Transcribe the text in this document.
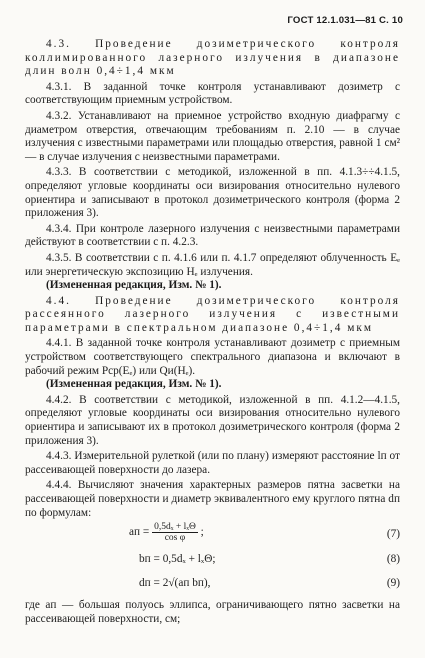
ГОСТ 12.1.031—81 С. 10

4.3. Проведение дозиметрического контроля коллимированного лазерного излучения в диапазоне длин волн 0,4÷1,4 мкм

4.3.1. В заданной точке контроля устанавливают дозиметр с соответствующим приемным устройством.

4.3.2. Устанавливают на приемное устройство входную диафрагму с диаметром отверстия, отвечающим требованиям п. 2.10 — в случае излучения с известными параметрами или площадью отверстия, равной 1 см² — в случае излучения с неизвестными параметрами.

4.3.3. В соответствии с методикой, изложенной в пп. 4.1.3÷÷4.1.5, определяют угловые координаты оси визирования относительно нулевого ориентира и записывают в протокол дозиметрического контроля (форма 2 приложения 3).

4.3.4. При контроле лазерного излучения с неизвестными параметрами действуют в соответствии с п. 4.2.3.

4.3.5. В соответствии с п. 4.1.6 или п. 4.1.7 определяют облученность Eₑ или энергетическую экспозицию Hₑ излучения.

(Измененная редакция, Изм. № 1).

4.4. Проведение дозиметрического контроля рассеянного лазерного излучения с известными параметрами в спектральном диапазоне 0,4÷1,4 мкм

4.4.1. В заданной точке контроля устанавливают дозиметр с приемным устройством соответствующего спектрального диапазона и включают в рабочий режим Pср(Eₑ) или Qи(Hₑ).

(Измененная редакция, Изм. № 1).

4.4.2. В соответствии с методикой, изложенной в пп. 4.1.2—4.1.5, определяют угловые координаты оси визирования относительно нулевого ориентира и записывают их в протокол дозиметрического контроля (форма 2 приложения 3).

4.4.3. Измерительной рулеткой (или по плану) измеряют расстояние lп от рассеивающей поверхности до лазера.

4.4.4. Вычисляют значения характерных размеров пятна засветки на рассеивающей поверхности и диаметр эквивалентного ему круглого пятна dп по формулам:

aп = $\frac{\text{0,5dₓ + lₓΘ}}{\text{cos φ}}$ ;	(7)
bп = 0,5dₓ + lₓΘ;	(8)
dп = 2√(aп bп),	(9)

где aп — большая полуось эллипса, ограничивающего пятно засветки на рассеивающей поверхности, см;
